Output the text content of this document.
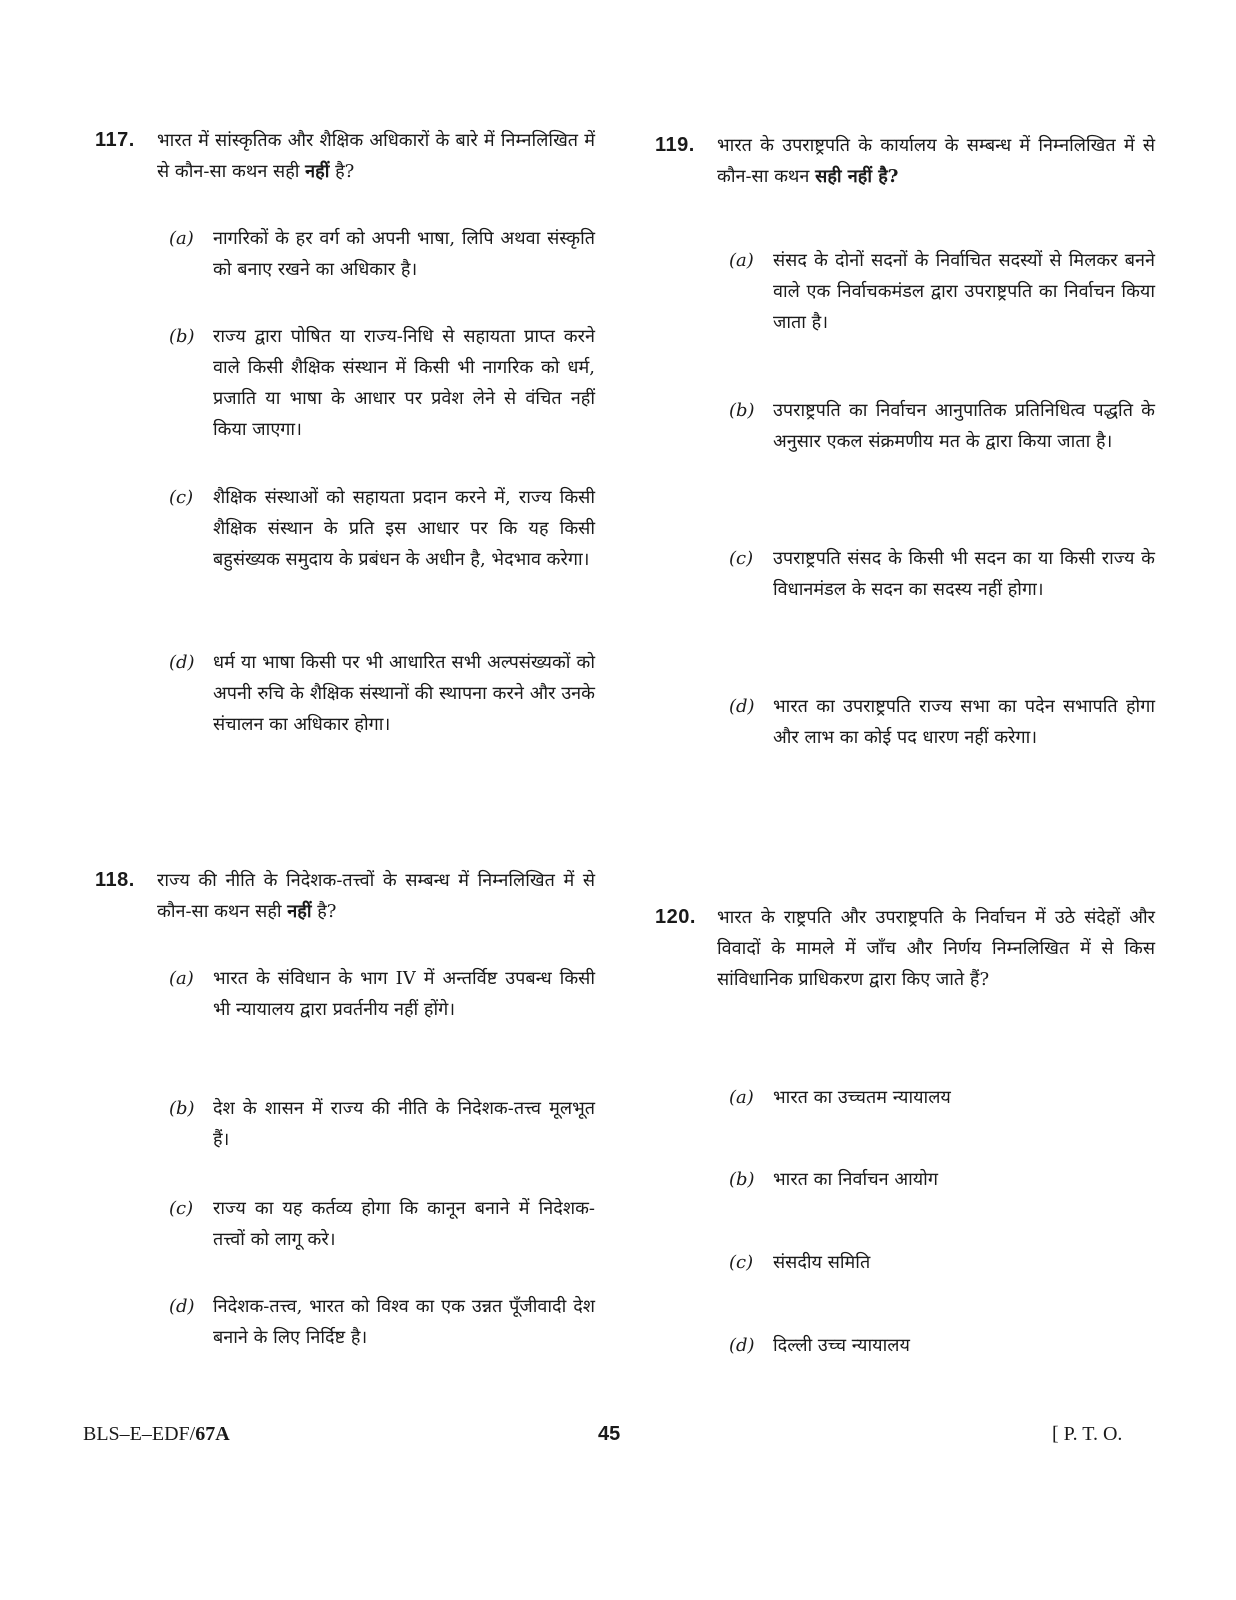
117.	भारत में सांस्कृतिक और शैक्षिक अधिकारों के बारे में निम्नलिखित में से कौन-सा कथन सही नहीं है?
(a)	नागरिकों के हर वर्ग को अपनी भाषा, लिपि अथवा संस्कृति को बनाए रखने का अधिकार है।
(b)	राज्य द्वारा पोषित या राज्य-निधि से सहायता प्राप्त करने वाले किसी शैक्षिक संस्थान में किसी भी नागरिक को धर्म, प्रजाति या भाषा के आधार पर प्रवेश लेने से वंचित नहीं किया जाएगा।
(c)	शैक्षिक संस्थाओं को सहायता प्रदान करने में, राज्य किसी शैक्षिक संस्थान के प्रति इस आधार पर कि यह किसी बहुसंख्यक समुदाय के प्रबंधन के अधीन है, भेदभाव करेगा।
(d)	धर्म या भाषा किसी पर भी आधारित सभी अल्पसंख्यकों को अपनी रुचि के शैक्षिक संस्थानों की स्थापना करने और उनके संचालन का अधिकार होगा।
118.	राज्य की नीति के निदेशक-तत्त्वों के सम्बन्ध में निम्नलिखित में से कौन-सा कथन सही नहीं है?
(a)	भारत के संविधान के भाग IV में अन्तर्विष्ट उपबन्ध किसी भी न्यायालय द्वारा प्रवर्तनीय नहीं होंगे।
(b)	देश के शासन में राज्य की नीति के निदेशक-तत्त्व मूलभूत हैं।
(c)	राज्य का यह कर्तव्य होगा कि कानून बनाने में निदेशक-तत्त्वों को लागू करे।
(d)	निदेशक-तत्त्व, भारत को विश्व का एक उन्नत पूँजीवादी देश बनाने के लिए निर्दिष्ट है।
119.	भारत के उपराष्ट्रपति के कार्यालय के सम्बन्ध में निम्नलिखित में से कौन-सा कथन सही नहीं है?
(a)	संसद के दोनों सदनों के निर्वाचित सदस्यों से मिलकर बनने वाले एक निर्वाचकमंडल द्वारा उपराष्ट्रपति का निर्वाचन किया जाता है।
(b)	उपराष्ट्रपति का निर्वाचन आनुपातिक प्रतिनिधित्व पद्धति के अनुसार एकल संक्रमणीय मत के द्वारा किया जाता है।
(c)	उपराष्ट्रपति संसद के किसी भी सदन का या किसी राज्य के विधानमंडल के सदन का सदस्य नहीं होगा।
(d)	भारत का उपराष्ट्रपति राज्य सभा का पदेन सभापति होगा और लाभ का कोई पद धारण नहीं करेगा।
120.	भारत के राष्ट्रपति और उपराष्ट्रपति के निर्वाचन में उठे संदेहों और विवादों के मामले में जाँच और निर्णय निम्नलिखित में से किस सांविधानिक प्राधिकरण द्वारा किए जाते हैं?
(a)	भारत का उच्चतम न्यायालय
(b)	भारत का निर्वाचन आयोग
(c)	संसदीय समिति
(d)	दिल्ली उच्च न्यायालय
BLS–E–EDF/67A	45	[ P. T. O.
